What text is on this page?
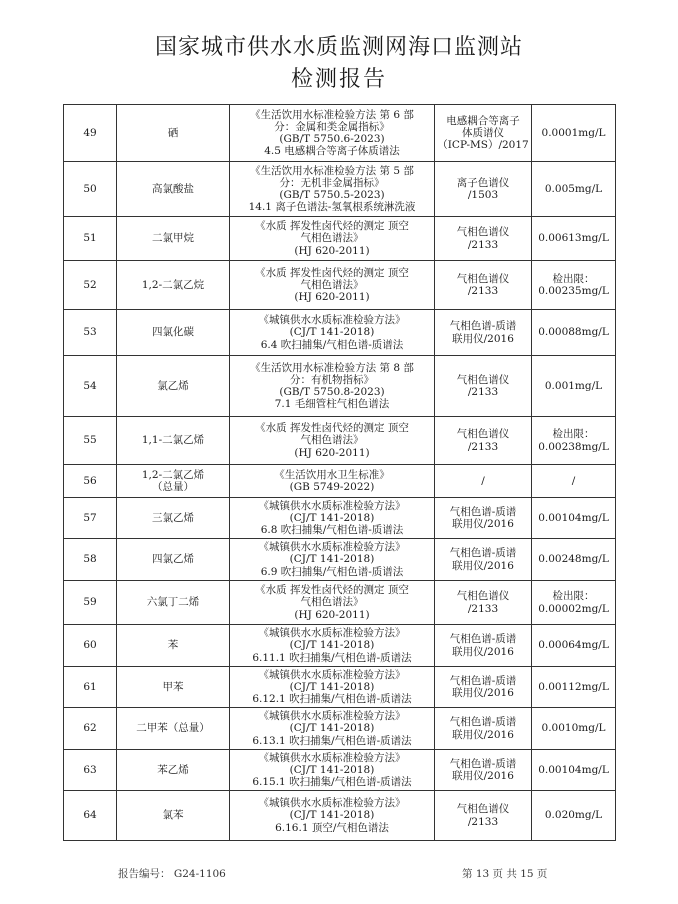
国家城市供水水质监测网海口监测站
检测报告
49	硒	《生活饮用水标准检验方法 第 6 部
分：金属和类金属指标》
(GB/T 5750.6-2023)
4.5 电感耦合等离子体质谱法	电感耦合等离子
体质谱仪
（ICP-MS）/2017	0.0001mg/L

50	高氯酸盐	《生活饮用水标准检验方法 第 5 部
分：无机非金属指标》
(GB/T 5750.5-2023)
14.1 离子色谱法-氢氧根系统淋洗液	离子色谱仪
/1503	0.005mg/L

51	二氯甲烷	《水质 挥发性卤代烃的测定 顶空
气相色谱法》
(HJ 620-2011)	气相色谱仪
/2133	0.00613mg/L

52	1,2-二氯乙烷	《水质 挥发性卤代烃的测定 顶空
气相色谱法》
(HJ 620-2011)	气相色谱仪
/2133	检出限：
0.00235mg/L

53	四氯化碳	《城镇供水水质标准检验方法》
(CJ/T 141-2018)
6.4 吹扫捕集/气相色谱-质谱法	气相色谱-质谱
联用仪/2016	0.00088mg/L

54	氯乙烯	《生活饮用水标准检验方法 第 8 部
分：有机物指标》
(GB/T 5750.8-2023)
7.1 毛细管柱气相色谱法	气相色谱仪
/2133	0.001mg/L

55	1,1-二氯乙烯	《水质 挥发性卤代烃的测定 顶空
气相色谱法》
(HJ 620-2011)	气相色谱仪
/2133	检出限：
0.00238mg/L

56	1,2-二氯乙烯
（总量）	《生活饮用水卫生标准》
(GB 5749-2022)	/	/

57	三氯乙烯	《城镇供水水质标准检验方法》
(CJ/T 141-2018)
6.8 吹扫捕集/气相色谱-质谱法	气相色谱-质谱
联用仪/2016	0.00104mg/L

58	四氯乙烯	《城镇供水水质标准检验方法》
(CJ/T 141-2018)
6.9 吹扫捕集/气相色谱-质谱法	气相色谱-质谱
联用仪/2016	0.00248mg/L

59	六氯丁二烯	《水质 挥发性卤代烃的测定 顶空
气相色谱法》
(HJ 620-2011)	气相色谱仪
/2133	检出限：
0.00002mg/L

60	苯	《城镇供水水质标准检验方法》
(CJ/T 141-2018)
6.11.1 吹扫捕集/气相色谱-质谱法	气相色谱-质谱
联用仪/2016	0.00064mg/L

61	甲苯	《城镇供水水质标准检验方法》
(CJ/T 141-2018)
6.12.1 吹扫捕集/气相色谱-质谱法	气相色谱-质谱
联用仪/2016	0.00112mg/L

62	二甲苯（总量）	《城镇供水水质标准检验方法》
(CJ/T 141-2018)
6.13.1 吹扫捕集/气相色谱-质谱法	气相色谱-质谱
联用仪/2016	0.0010mg/L

63	苯乙烯	《城镇供水水质标准检验方法》
(CJ/T 141-2018)
6.15.1 吹扫捕集/气相色谱-质谱法	气相色谱-质谱
联用仪/2016	0.00104mg/L

64	氯苯	《城镇供水水质标准检验方法》
(CJ/T 141-2018)
6.16.1 顶空/气相色谱法	气相色谱仪
/2133	0.020mg/L
报告编号： G24-1106	第 13 页 共 15 页
